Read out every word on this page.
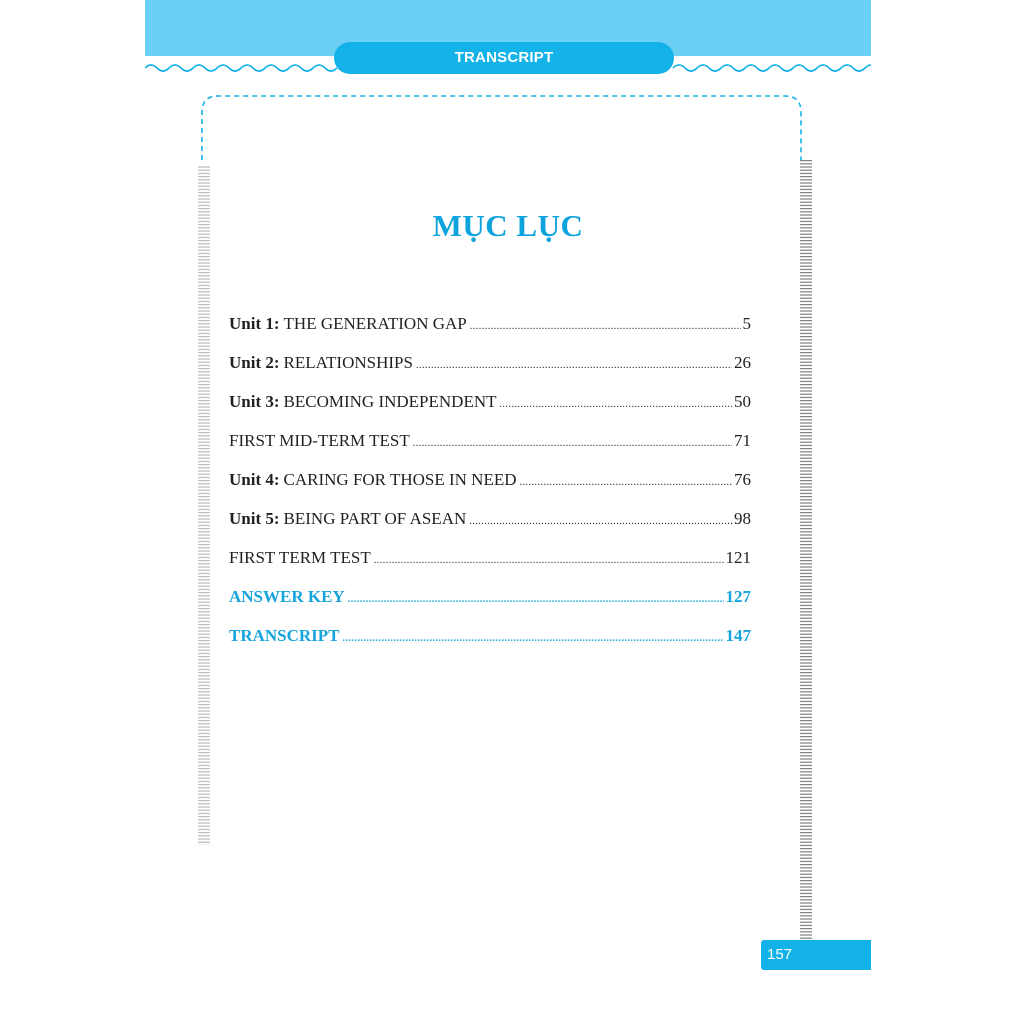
TRANSCRIPT
MỤC LỤC
Unit 1: THE GENERATION GAP .....	5
Unit 2: RELATIONSHIPS .....	26
Unit 3: BECOMING INDEPENDENT .....	50
FIRST MID-TERM TEST .....	71
Unit 4: CARING FOR THOSE IN NEED .....	76
Unit 5: BEING PART OF ASEAN .....	98
FIRST TERM TEST .....	121
ANSWER KEY .....	127
TRANSCRIPT .....	147
157
